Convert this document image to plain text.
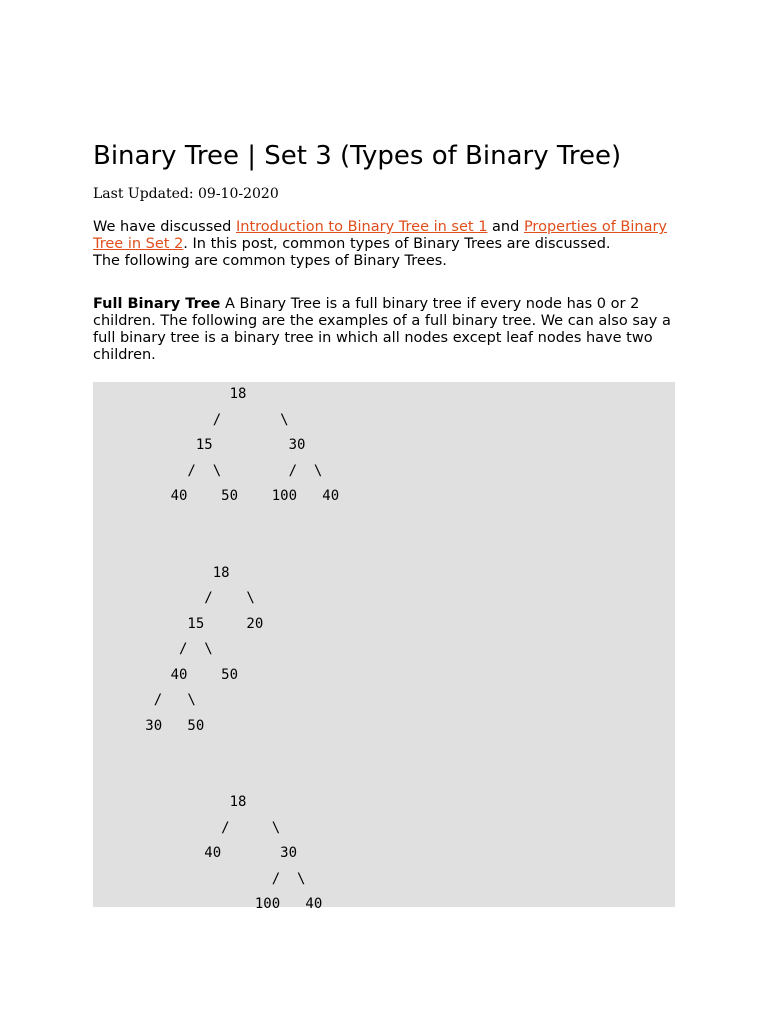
Binary Tree | Set 3 (Types of Binary Tree)
Last Updated: 09-10-2020

We have discussed Introduction to Binary Tree in set 1 and Properties of Binary Tree in Set 2. In this post, common types of Binary Trees are discussed.
The following are common types of Binary Trees.

Full Binary Tree A Binary Tree is a full binary tree if every node has 0 or 2 children. The following are the examples of a full binary tree. We can also say a full binary tree is a binary tree in which all nodes except leaf nodes have two children.

18
/       \
15         30
/  \        /  \
40    50    100   40

18
/    \
15     20
/  \
40    50
/   \
30   50

18
/     \
40       30
/  \
100   40
